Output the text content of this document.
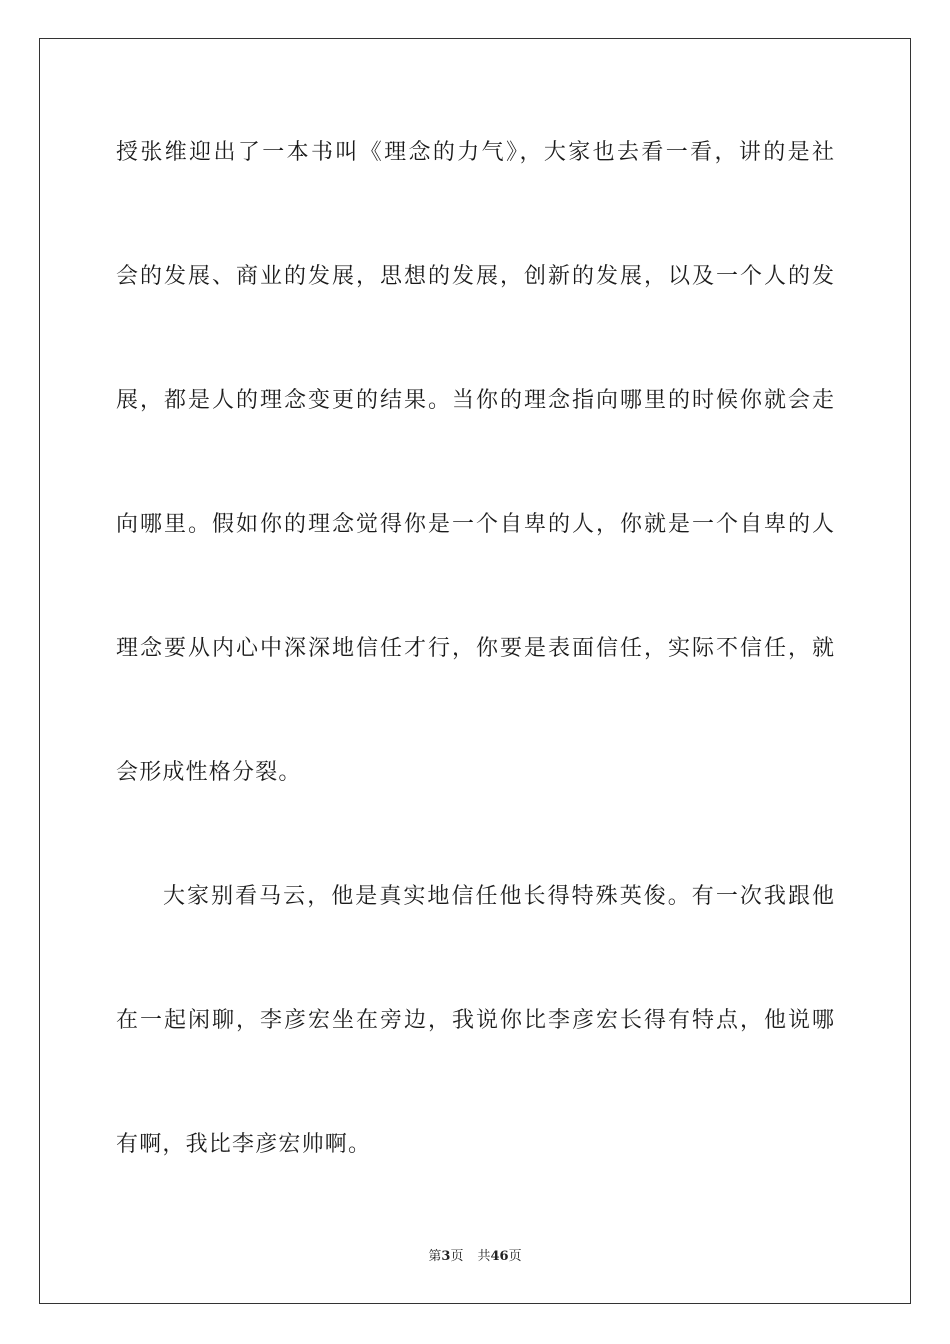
授张维迎出了一本书叫《理念的力气》，大家也去看一看，讲的是社
会的发展、商业的发展，思想的发展，创新的发展，以及一个人的发
展，都是人的理念变更的结果。当你的理念指向哪里的时候你就会走
向哪里。假如你的理念觉得你是一个自卑的人，你就是一个自卑的人
理念要从内心中深深地信任才行，你要是表面信任，实际不信任，就
会形成性格分裂。
大家别看马云，他是真实地信任他长得特殊英俊。有一次我跟他
在一起闲聊，李彦宏坐在旁边，我说你比李彦宏长得有特点，他说哪
有啊，我比李彦宏帅啊。
第3页 共46页
